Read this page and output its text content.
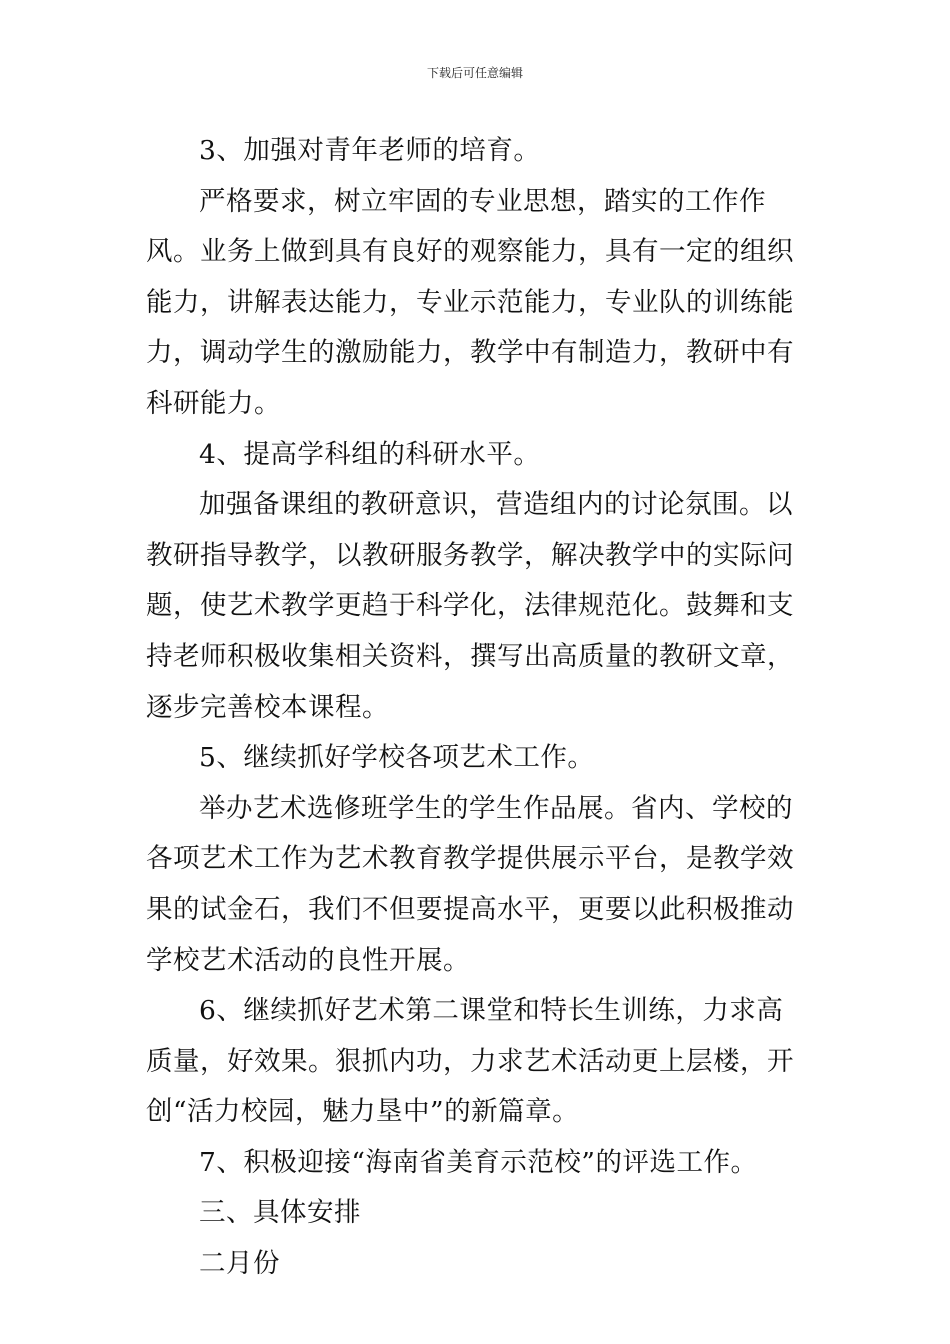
下载后可任意编辑

3、加强对青年老师的培育。

严格要求，树立牢固的专业思想，踏实的工作作风。业务上做到具有良好的观察能力，具有一定的组织能力，讲解表达能力，专业示范能力，专业队的训练能力，调动学生的激励能力，教学中有制造力，教研中有科研能力。

4、提高学科组的科研水平。

加强备课组的教研意识，营造组内的讨论氛围。以教研指导教学，以教研服务教学，解决教学中的实际问题，使艺术教学更趋于科学化，法律规范化。鼓舞和支持老师积极收集相关资料，撰写出高质量的教研文章，逐步完善校本课程。

5、继续抓好学校各项艺术工作。

举办艺术选修班学生的学生作品展。省内、学校的各项艺术工作为艺术教育教学提供展示平台，是教学效果的试金石，我们不但要提高水平，更要以此积极推动学校艺术活动的良性开展。

6、继续抓好艺术第二课堂和特长生训练，力求高质量，好效果。狠抓内功，力求艺术活动更上层楼，开创“活力校园，魅力垦中”的新篇章。

7、积极迎接“海南省美育示范校”的评选工作。

三、具体安排

二月份
